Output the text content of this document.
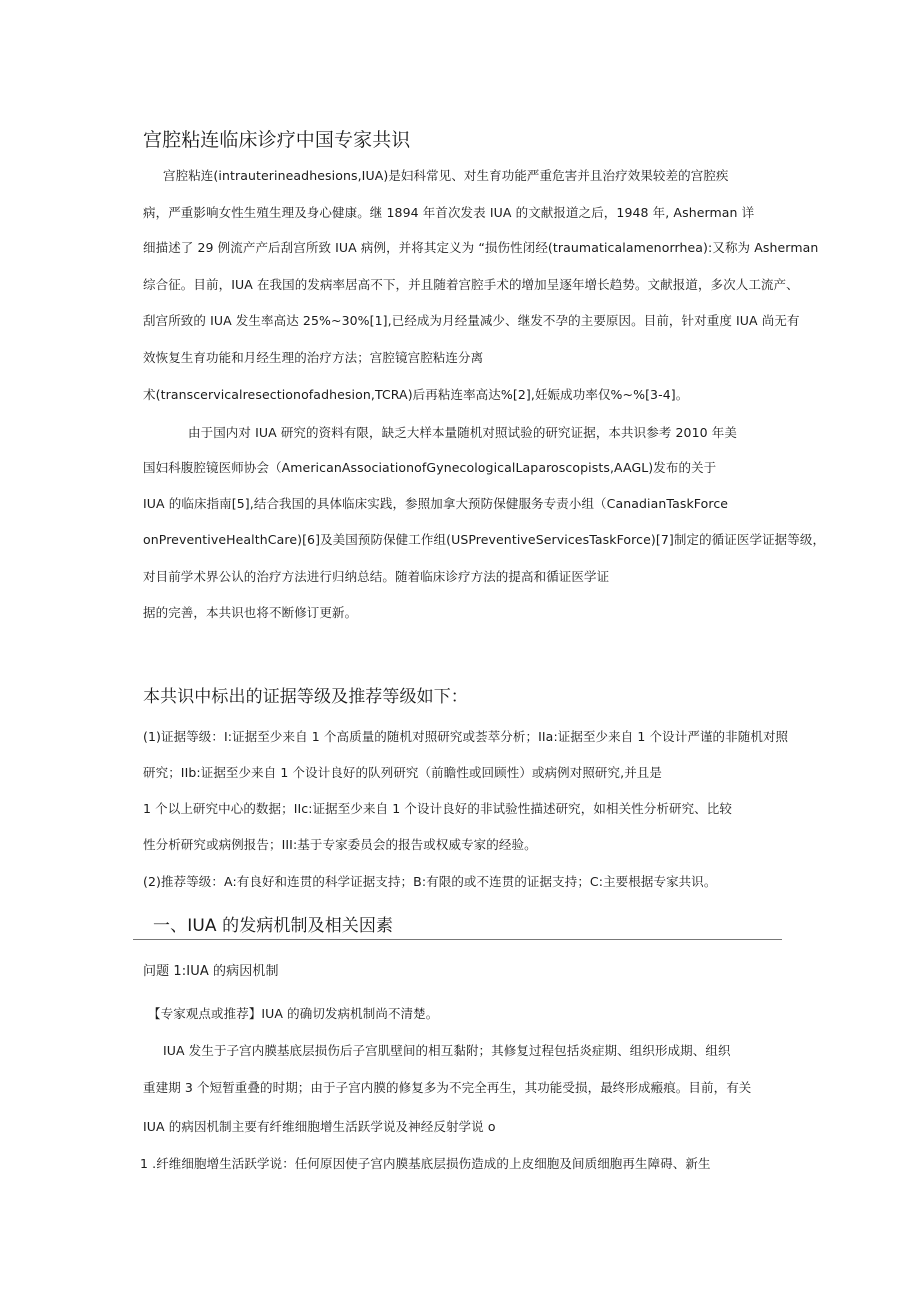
宫腔粘连临床诊疗中国专家共识
宫腔粘连(intrauterineadhesions,IUA)是妇科常见、对生育功能严重危害并且治疗效果较差的宫腔疾
病，严重影响女性生殖生理及身心健康。继 1894 年首次发表 IUA 的文献报道之后，1948 年, Asherman 详
细描述了 29 例流产产后刮宫所致 IUA 病例，并将其定义为 “损伤性闭经(traumaticalamenorrhea):又称为 Asherman
综合征。目前，IUA 在我国的发病率居高不下，并且随着宫腔手术的增加呈逐年增长趋势。文献报道，多次人工流产、
刮宫所致的 IUA 发生率高达 25%~30%[1],已经成为月经量减少、继发不孕的主要原因。目前，针对重度 IUA 尚无有
效恢复生育功能和月经生理的治疗方法；宫腔镜宫腔粘连分离
术(transcervicalresectionofadhesion,TCRA)后再粘连率高达%[2],妊娠成功率仅%~%[3-4]。
由于国内对 IUA 研究的资料有限，缺乏大样本量随机对照试验的研究证据，本共识参考 2010 年美
国妇科腹腔镜医师协会（AmericanAssociationofGynecologicalLaparoscopists,AAGL)发布的关于
IUA 的临床指南[5],结合我国的具体临床实践，参照加拿大预防保健服务专责小组（CanadianTaskForce
onPreventiveHealthCare)[6]及美国预防保健工作组(USPreventiveServicesTaskForce)[7]制定的循证医学证据等级，
对目前学术界公认的治疗方法进行归纳总结。随着临床诊疗方法的提高和循证医学证
据的完善，本共识也将不断修订更新。
本共识中标出的证据等级及推荐等级如下：
(1)证据等级：I:证据至少来自 1 个高质量的随机对照研究或荟萃分析；IIa:证据至少来自 1 个设计严谨的非随机对照
研究；IIb:证据至少来自 1 个设计良好的队列研究（前瞻性或回顾性）或病例对照研究,并且是
1 个以上研究中心的数据；IIc:证据至少来自 1 个设计良好的非试验性描述研究，如相关性分析研究、比较
性分析研究或病例报告；III:基于专家委员会的报告或权威专家的经验。
(2)推荐等级：A:有良好和连贯的科学证据支持；B:有限的或不连贯的证据支持；C:主要根据专家共识。
一、IUA 的发病机制及相关因素
问题 1:IUA 的病因机制
【专家观点或推荐】IUA 的确切发病机制尚不清楚。
IUA 发生于子宫内膜基底层损伤后子宫肌壁间的相互黏附；其修复过程包括炎症期、组织形成期、组织
重建期 3 个短暂重叠的时期；由于子宫内膜的修复多为不完全再生，其功能受损，最终形成瘢痕。目前，有关
IUA 的病因机制主要有纤维细胞增生活跃学说及神经反射学说 o
1 .纤维细胞增生活跃学说：任何原因使子宫内膜基底层损伤造成的上皮细胞及间质细胞再生障碍、新生
